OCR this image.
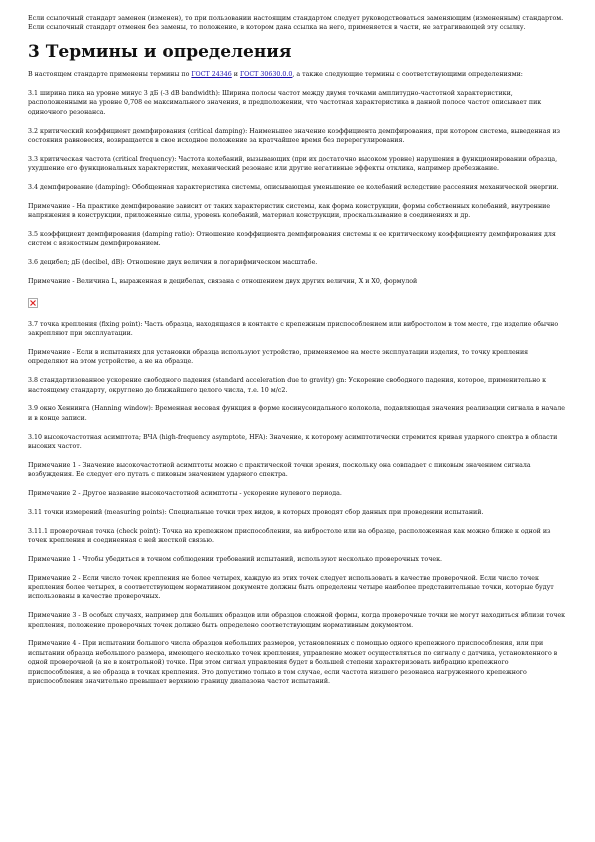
Если ссылочный стандарт заменен (изменен), то при пользовании настоящим стандартом следует руководствоваться заменяющим (измененным) стандартом. Если ссылочный стандарт отменен без замены, то положение, в котором дана ссылка на него, применяется в части, не затрагивающей эту ссылку.

3 Термины и определения

В настоящем стандарте применены термины по ГОСТ 24346 и ГОСТ 30630.0.0, а также следующие термины с соответствующими определениями:

3.1 ширина пика на уровне минус 3 дБ (-3 dB bandwidth): Ширина полосы частот между двумя точками амплитудно-частотной характеристики, расположенными на уровне 0,708 ее максимального значения, в предположении, что частотная характеристика в данной полосе частот описывает пик одиночного резонанса.

3.2 критический коэффициент демпфирования (critical damping): Наименьшее значение коэффициента демпфирования, при котором система, выведенная из состояния равновесия, возвращается в свое исходное положение за кратчайшее время без перерегулирования.

3.3 критическая частота (critical frequency): Частота колебаний, вызывающих (при их достаточно высоком уровне) нарушения в функционировании образца, ухудшение его функциональных характеристик, механический резонанс или другие негативные эффекты отклика, например дребезжание.

3.4 демпфирование (damping): Обобщенная характеристика системы, описывающая уменьшение ее колебаний вследствие рассеяния механической энергии.

Примечание - На практике демпфирование зависит от таких характеристик системы, как форма конструкции, формы собственных колебаний, внутренние напряжения в конструкции, приложенные силы, уровень колебаний, материал конструкции, проскальзывание в соединениях и др.

3.5 коэффициент демпфирования (damping ratio): Отношение коэффициента демпфирования системы к ее критическому коэффициенту демпфирования для систем с вязкостным демпфированием.

3.6 децибел; дБ (decibel, dB): Отношение двух величин в логарифмическом масштабе.

Примечание - Величина L, выраженная в децибелах, связана с отношением двух других величин, X и X0, формулой

3.7 точка крепления (fixing point): Часть образца, находящаяся в контакте с крепежным приспособлением или вибростолом в том месте, где изделие обычно закрепляют при эксплуатации.

Примечание - Если в испытаниях для установки образца используют устройство, применяемое на месте эксплуатации изделия, то точку крепления определяют на этом устройстве, а не на образце.

3.8 стандартизованное ускорение свободного падения (standard acceleration due to gravity) gn: Ускорение свободного падения, которое, применительно к настоящему стандарту, округлено до ближайшего целого числа, т.е. 10 м/с2.

3.9 окно Хеннинга (Hanning window): Временная весовая функция в форме косинусоидального колокола, подавляющая значения реализации сигнала в начале и в конце записи.

3.10 высокочастотная асимптота; ВЧА (high-frequency asymptote, HFA): Значение, к которому асимптотически стремится кривая ударного спектра в области высоких частот.

Примечание 1 - Значение высокочастотной асимптоты можно с практической точки зрения, поскольку она совпадает с пиковым значением сигнала возбуждения. Ее следует его путать с пиковым значением ударного спектра.

Примечание 2 - Другое название высокочастотной асимптоты - ускорение нулевого периода.

3.11 точки измерений (measuring points): Специальные точки трех видов, в которых проводят сбор данных при проведении испытаний.

3.11.1 проверочная точка (check point): Точка на крепежном приспособлении, на вибростоле или на образце, расположенная как можно ближе к одной из точек крепления и соединенная с ней жесткой связью.

Примечание 1 - Чтобы убедиться в точном соблюдении требований испытаний, используют несколько проверочных точек.

Примечание 2 - Если число точек крепления не более четырех, каждую из этих точек следует использовать в качестве проверочной. Если число точек крепления более четырех, в соответствующем нормативном документе должны быть определены четыре наиболее представительные точки, которые будут использованы в качестве проверочных.

Примечание 3 - В особых случаях, например для больших образцов или образцов сложной формы, когда проверочные точки не могут находиться вблизи точек крепления, положение проверочных точек должно быть определено соответствующим нормативным документом.

Примечание 4 - При испытании большого числа образцов небольших размеров, установленных с помощью одного крепежного приспособления, или при испытании образца небольшого размера, имеющего несколько точек крепления, управление может осуществляться по сигналу с датчика, установленного в одной проверочной (а не в контрольной) точке. При этом сигнал управления будет в большей степени характеризовать вибрацию крепежного приспособления, а не образца в точках крепления. Это допустимо только в том случае, если частота низшего резонанса нагруженного крепежного приспособления значительно превышает верхнюю границу диапазона частот испытаний.
